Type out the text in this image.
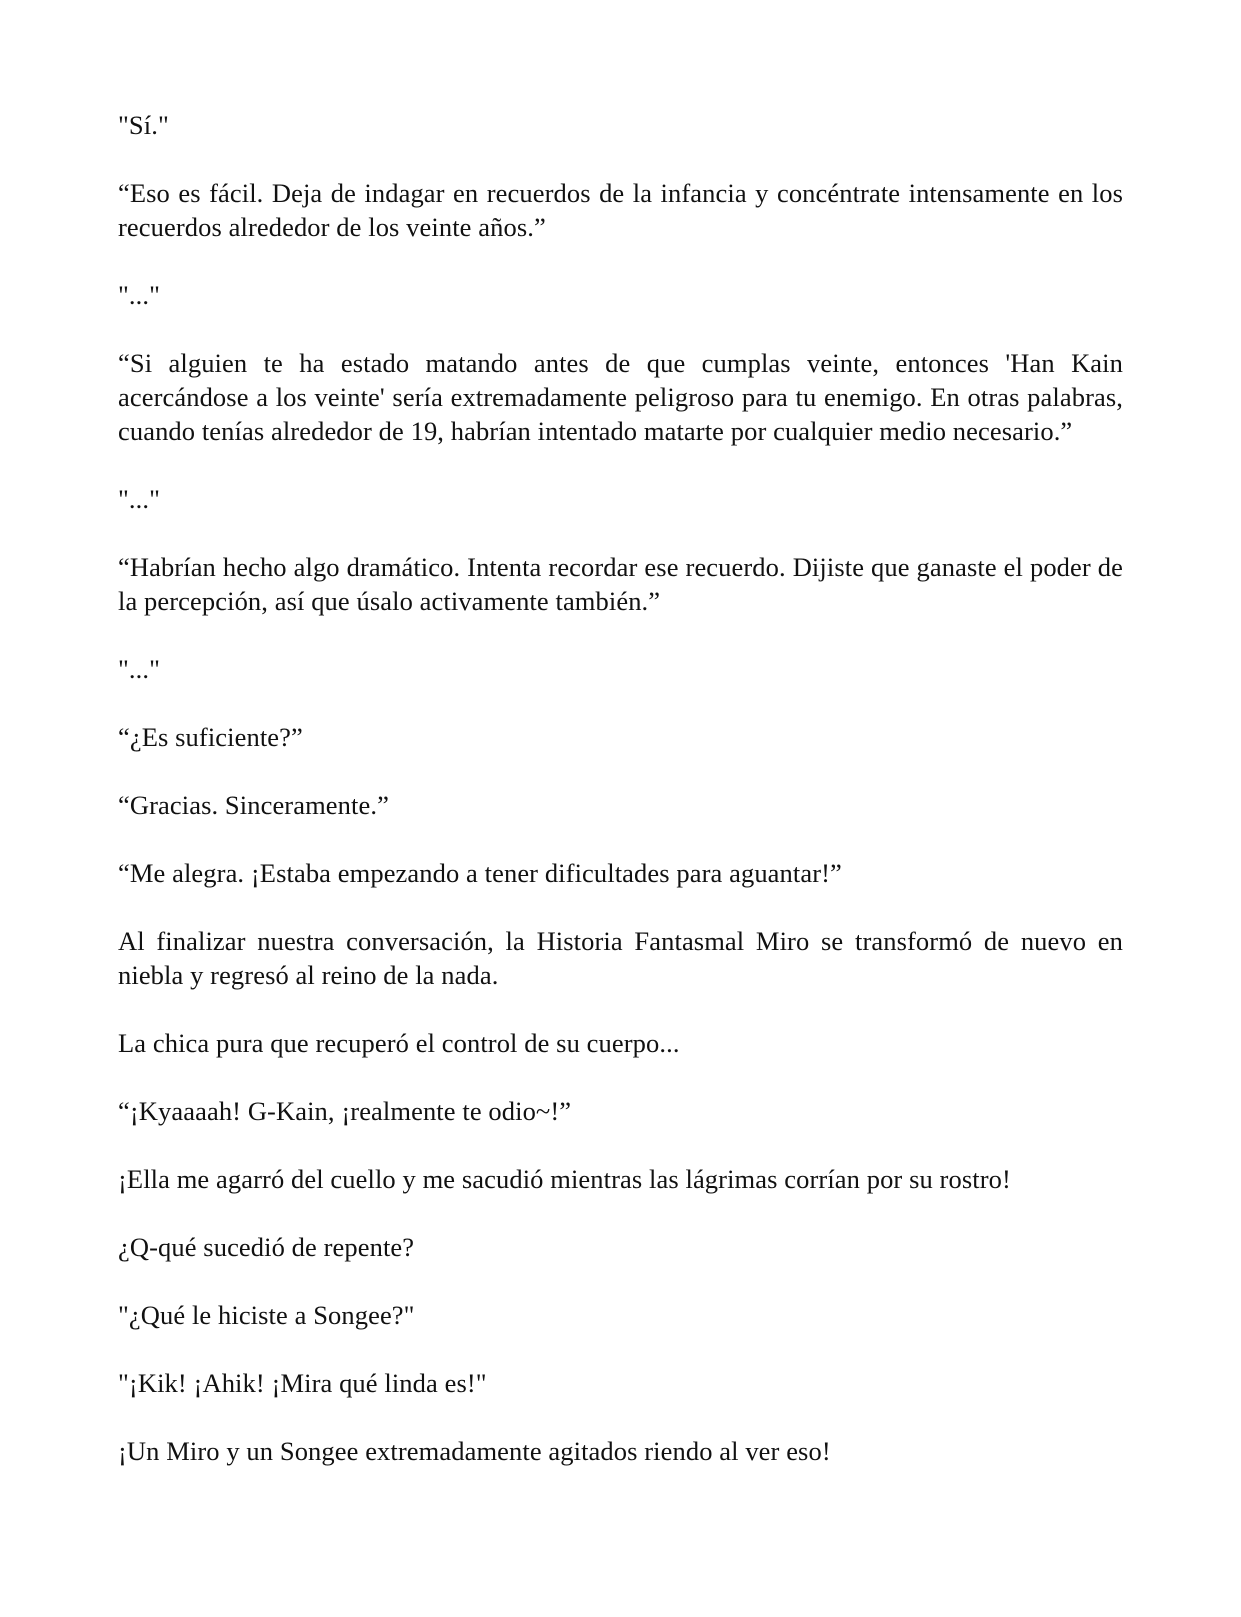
"Sí."

“Eso es fácil. Deja de indagar en recuerdos de la infancia y concéntrate intensamente en los recuerdos alrededor de los veinte años.”

"..."

“Si alguien te ha estado matando antes de que cumplas veinte, entonces 'Han Kain acercándose a los veinte' sería extremadamente peligroso para tu enemigo. En otras palabras, cuando tenías alrededor de 19, habrían intentado matarte por cualquier medio necesario.”

"..."

“Habrían hecho algo dramático. Intenta recordar ese recuerdo. Dijiste que ganaste el poder de la percepción, así que úsalo activamente también.”

"..."

“¿Es suficiente?”

“Gracias. Sinceramente.”

“Me alegra. ¡Estaba empezando a tener dificultades para aguantar!”

Al finalizar nuestra conversación, la Historia Fantasmal Miro se transformó de nuevo en niebla y regresó al reino de la nada.

La chica pura que recuperó el control de su cuerpo...

“¡Kyaaaah! G-Kain, ¡realmente te odio~!”

¡Ella me agarró del cuello y me sacudió mientras las lágrimas corrían por su rostro!

¿Q-qué sucedió de repente?

"¿Qué le hiciste a Songee?"

"¡Kik! ¡Ahik! ¡Mira qué linda es!"

¡Un Miro y un Songee extremadamente agitados riendo al ver eso!
